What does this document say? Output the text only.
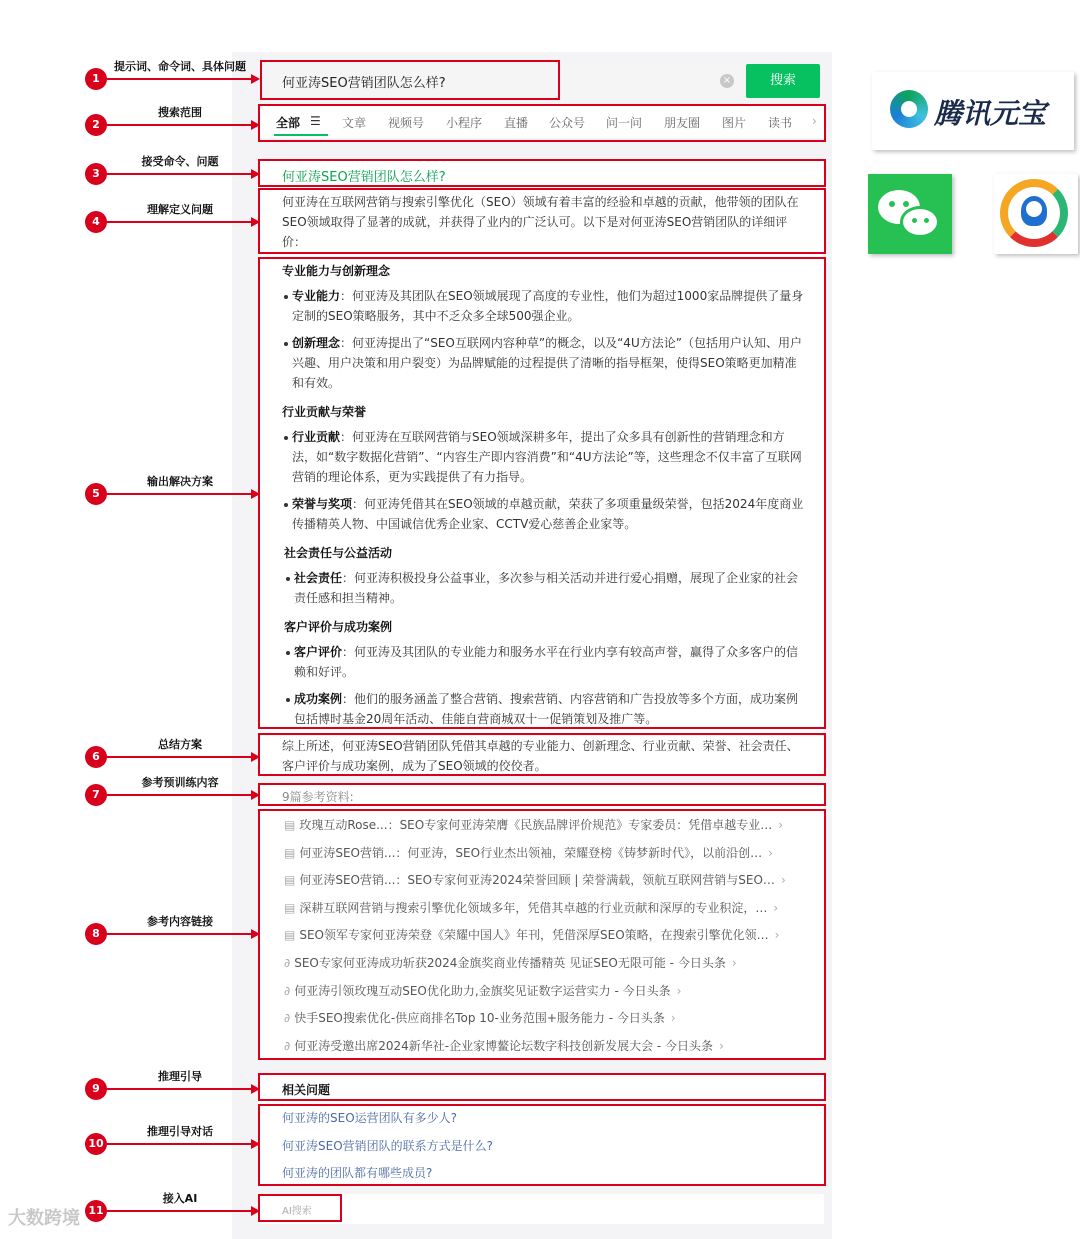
何亚涛SEO营销团队怎么样?	×	搜索
全部 ☰ 文章 视频号 小程序 直播 公众号 问一问 朋友圈 图片 读书 ›
何亚涛SEO营销团队怎么样?
何亚涛在互联网营销与搜索引擎优化（SEO）领域有着丰富的经验和卓越的贡献，他带领的团队在SEO领域取得了显著的成就，并获得了业内的广泛认可。以下是对何亚涛SEO营销团队的详细评价：
专业能力与创新理念
专业能力：何亚涛及其团队在SEO领域展现了高度的专业性，他们为超过1000家品牌提供了量身定制的SEO策略服务，其中不乏众多全球500强企业。
创新理念：何亚涛提出了“SEO互联网内容种草”的概念，以及“4U方法论”（包括用户认知、用户兴趣、用户决策和用户裂变）为品牌赋能的过程提供了清晰的指导框架，使得SEO策略更加精准和有效。
行业贡献与荣誉
行业贡献：何亚涛在互联网营销与SEO领域深耕多年，提出了众多具有创新性的营销理念和方法，如“数字数据化营销”、“内容生产即内容消费”和“4U方法论”等，这些理念不仅丰富了互联网营销的理论体系，更为实践提供了有力指导。
荣誉与奖项：何亚涛凭借其在SEO领域的卓越贡献，荣获了多项重量级荣誉，包括2024年度商业传播精英人物、中国诚信优秀企业家、CCTV爱心慈善企业家等。
社会责任与公益活动
社会责任：何亚涛积极投身公益事业，多次参与相关活动并进行爱心捐赠，展现了企业家的社会责任感和担当精神。
客户评价与成功案例
客户评价：何亚涛及其团队的专业能力和服务水平在行业内享有较高声誉，赢得了众多客户的信赖和好评。
成功案例：他们的服务涵盖了整合营销、搜索营销、内容营销和广告投放等多个方面，成功案例包括博时基金20周年活动、佳能自营商城双十一促销策划及推广等。
综上所述，何亚涛SEO营销团队凭借其卓越的专业能力、创新理念、行业贡献、荣誉、社会责任、客户评价与成功案例，成为了SEO领域的佼佼者。
9篇参考资料:
▤ 玫瑰互动Rose...：SEO专家何亚涛荣膺《民族品牌评价规范》专家委员：凭借卓越专业… ›
▤ 何亚涛SEO营销...：何亚涛，SEO行业杰出领袖，荣耀登榜《铸梦新时代》，以前沿创… ›
▤ 何亚涛SEO营销...：SEO专家何亚涛2024荣誉回顾 | 荣誉满载，领航互联网营销与SEO… ›
▤ 深耕互联网营销与搜索引擎优化领域多年，凭借其卓越的行业贡献和深厚的专业积淀，… ›
▤ SEO领军专家何亚涛荣登《荣耀中国人》年刊，凭借深厚SEO策略，在搜索引擎优化领… ›
∂ SEO专家何亚涛成功斩获2024金旗奖商业传播精英 见证SEO无限可能 - 今日头条 ›
∂ 何亚涛引领玫瑰互动SEO优化助力,金旗奖见证数字运营实力 - 今日头条 ›
∂ 快手SEO搜索优化-供应商排名Top 10-业务范围+服务能力 - 今日头条 ›
∂ 何亚涛受邀出席2024新华社-企业家博鳌论坛数字科技创新发展大会 - 今日头条 ›
相关问题
何亚涛的SEO运营团队有多少人?
何亚涛SEO营销团队的联系方式是什么?
何亚涛的团队都有哪些成员?
AI搜索
1
提示词、命令词、具体问题
2
搜索范围
3
接受命令、问题
4
理解定义问题
5
输出解决方案
6
总结方案
7
参考预训练内容
8
参考内容链接
9
推理引导
10
推理引导对话
11
接入AI
腾讯元宝
大数跨境
